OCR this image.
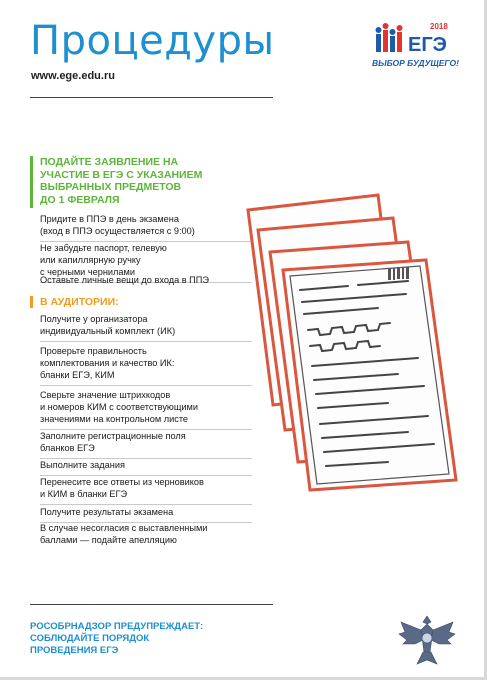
Процедуры
www.ege.edu.ru
2018
ЕГЭ
ВЫБОР БУДУЩЕГО!
ПОДАЙТЕ ЗАЯВЛЕНИЕ НА
УЧАСТИЕ В ЕГЭ С УКАЗАНИЕМ
ВЫБРАННЫХ ПРЕДМЕТОВ
ДО 1 ФЕВРАЛЯ
Придите в ППЭ в день экзамена
(вход в ППЭ осуществляется с 9:00)
Не забудьте паспорт, гелевую
или капиллярную ручку
с черными чернилами
Оставьте личные вещи до входа в ППЭ
В АУДИТОРИИ:
Получите у организатора
индивидуальный комплект (ИК)
Проверьте правильность
комплектования и качество ИК:
бланки ЕГЭ, КИМ
Сверьте значение штрихкодов
и номеров КИМ с соответствующими
значениями на контрольном листе
Заполните регистрационные поля
бланков ЕГЭ
Выполните задания
Перенесите все ответы из черновиков
и КИМ в бланки ЕГЭ
Получите результаты экзамена
В случае несогласия с выставленными
баллами — подайте апелляцию
РОСОБРНАДЗОР ПРЕДУПРЕЖДАЕТ:
СОБЛЮДАЙТЕ ПОРЯДОК
ПРОВЕДЕНИЯ ЕГЭ
